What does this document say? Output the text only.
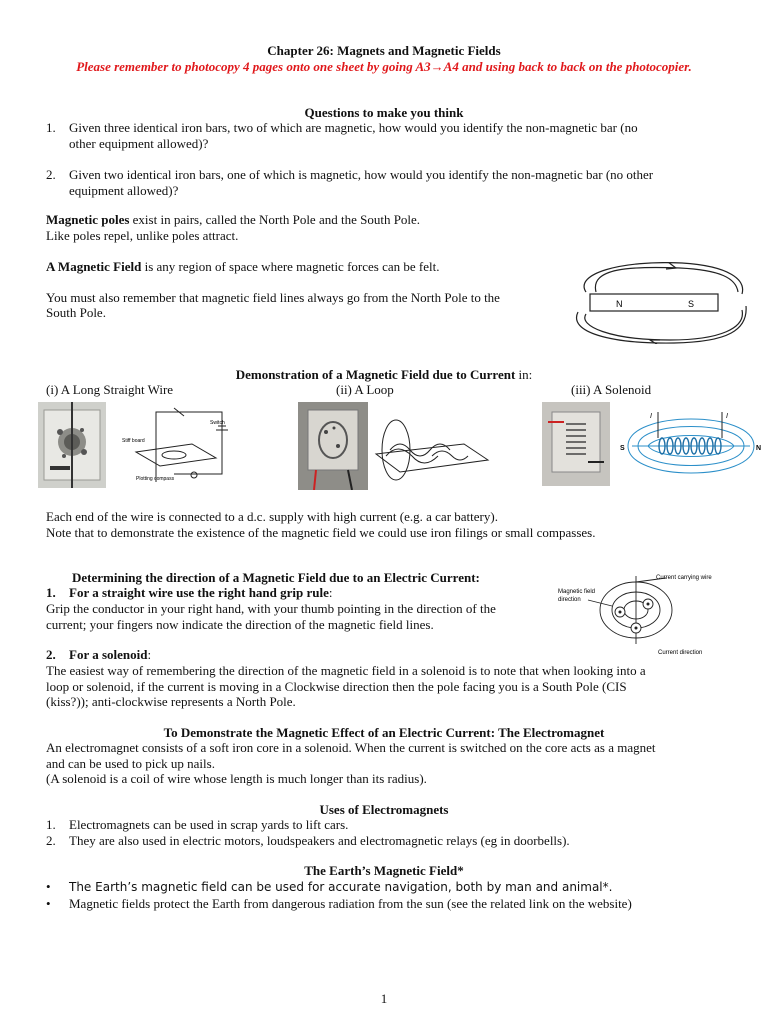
Chapter 26: Magnets and Magnetic Fields
Please remember to photocopy 4 pages onto one sheet by going A3→A4 and using back to back on the photocopier.
Questions to make you think
1. Given three identical iron bars, two of which are magnetic, how would you identify the non-magnetic bar (no
other equipment allowed)?
2. Given two identical iron bars, one of which is magnetic, how would you identify the non-magnetic bar (no other
equipment allowed)?
Magnetic poles exist in pairs, called the North Pole and the South Pole.
Like poles repel, unlike poles attract.
A Magnetic Field is any region of space where magnetic forces can be felt.
You must also remember that magnetic field lines always go from the North Pole to the
South Pole.
N	S
Demonstration of a Magnetic Field due to Current in:
(i) A Long Straight Wire	(ii) A Loop	(iii) A Solenoid
Switch
Stiff board
Plotting compass
S	N
I	I
Each end of the wire is connected to a d.c. supply with high current (e.g. a car battery).
Note that to demonstrate the existence of the magnetic field we could use iron filings or small compasses.
Determining the direction of a Magnetic Field due to an Electric Current:
1. For a straight wire use the right hand grip rule:
Grip the conductor in your right hand, with your thumb pointing in the direction of the
current; your fingers now indicate the direction of the magnetic field lines.
Current carrying wire
Magnetic field
direction
Current direction
2. For a solenoid:
The easiest way of remembering the direction of the magnetic field in a solenoid is to note that when looking into a
loop or solenoid, if the current is moving in a Clockwise direction then the pole facing you is a South Pole (CIS
(kiss?)); anti-clockwise represents a North Pole.
To Demonstrate the Magnetic Effect of an Electric Current: The Electromagnet
An electromagnet consists of a soft iron core in a solenoid. When the current is switched on the core acts as a magnet
and can be used to pick up nails.
(A solenoid is a coil of wire whose length is much longer than its radius).
Uses of Electromagnets
1. Electromagnets can be used in scrap yards to lift cars.
2. They are also used in electric motors, loudspeakers and electromagnetic relays (eg in doorbells).
The Earth’s Magnetic Field*
• The Earth’s magnetic field can be used for accurate navigation, both by man and animal*.
• Magnetic fields protect the Earth from dangerous radiation from the sun (see the related link on the website)
1
